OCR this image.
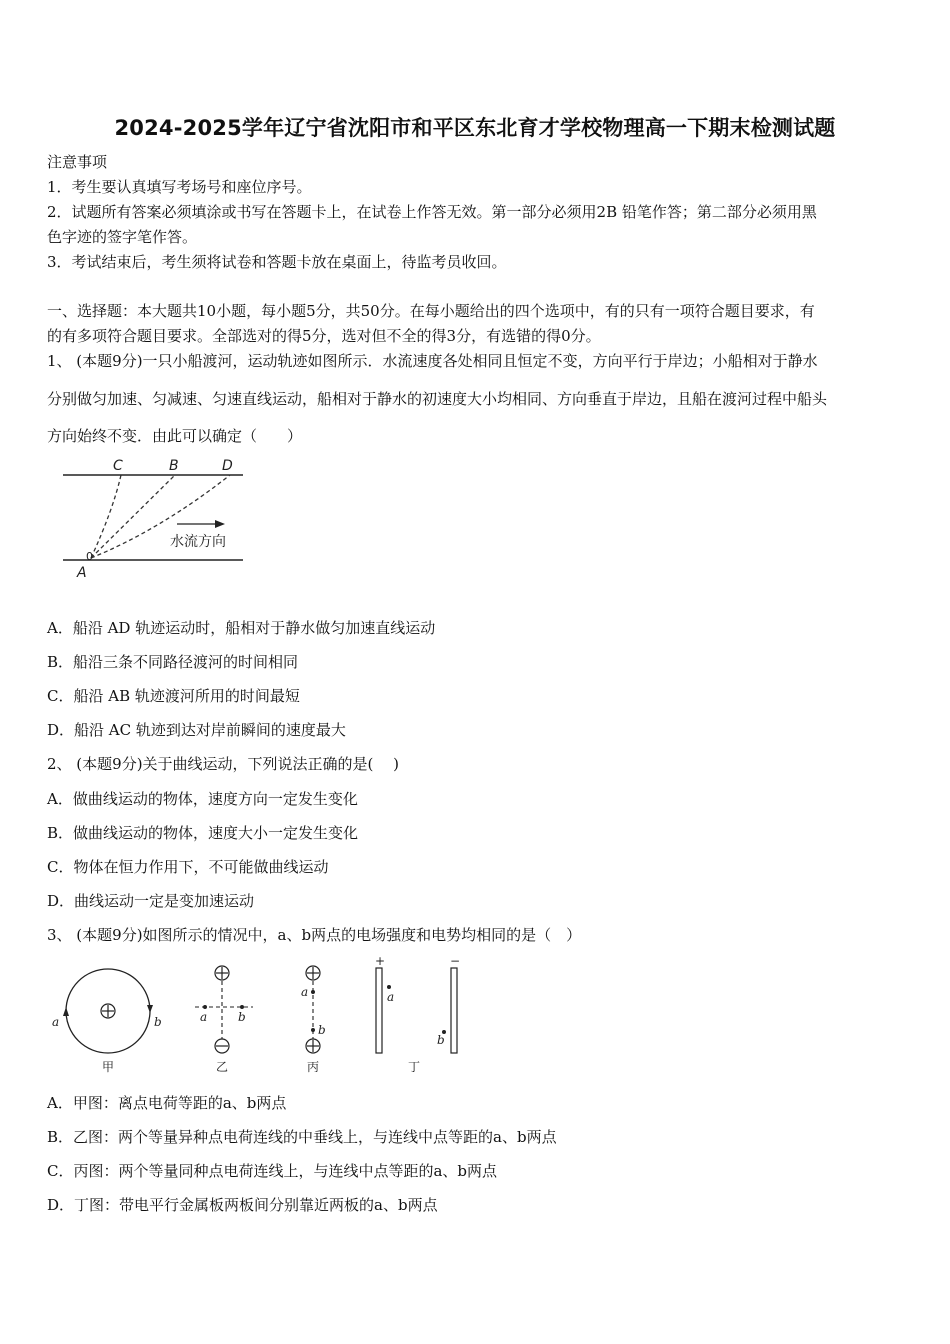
2024-2025学年辽宁省沈阳市和平区东北育才学校物理高一下期末检测试题
注意事项
1．考生要认真填写考场号和座位序号。
2．试题所有答案必须填涂或书写在答题卡上，在试卷上作答无效。第一部分必须用2B 铅笔作答；第二部分必须用黑
色字迹的签字笔作答。
3．考试结束后，考生须将试卷和答题卡放在桌面上，待监考员收回。
一、选择题：本大题共10小题，每小题5分，共50分。在每小题给出的四个选项中，有的只有一项符合题目要求，有
的有多项符合题目要求。全部选对的得5分，选对但不全的得3分，有选错的得0分。
1、 (本题9分)一只小船渡河，运动轨迹如图所示．水流速度各处相同且恒定不变，方向平行于岸边；小船相对于静水
分别做匀加速、匀减速、匀速直线运动，船相对于静水的初速度大小均相同、方向垂直于岸边，且船在渡河过程中船头
方向始终不变．由此可以确定（　　）
C	B	D
0
A
水流方向
A．船沿 AD 轨迹运动时，船相对于静水做匀加速直线运动
B．船沿三条不同路径渡河的时间相同
C．船沿 AB 轨迹渡河所用的时间最短
D．船沿 AC 轨迹到达对岸前瞬间的速度最大
2、 (本题9分)关于曲线运动，下列说法正确的是(　 )
A．做曲线运动的物体，速度方向一定发生变化
B．做曲线运动的物体，速度大小一定发生变化
C．物体在恒力作用下，不可能做曲线运动
D．曲线运动一定是变加速运动
3、 (本题9分)如图所示的情况中，a、b两点的电场强度和电势均相同的是（　）
a	b
甲
a	b
乙
a
b
丙
+
a
−
b
丁
A．甲图：离点电荷等距的a、b两点
B．乙图：两个等量异种点电荷连线的中垂线上，与连线中点等距的a、b两点
C．丙图：两个等量同种点电荷连线上，与连线中点等距的a、b两点
D．丁图：带电平行金属板两板间分别靠近两板的a、b两点
